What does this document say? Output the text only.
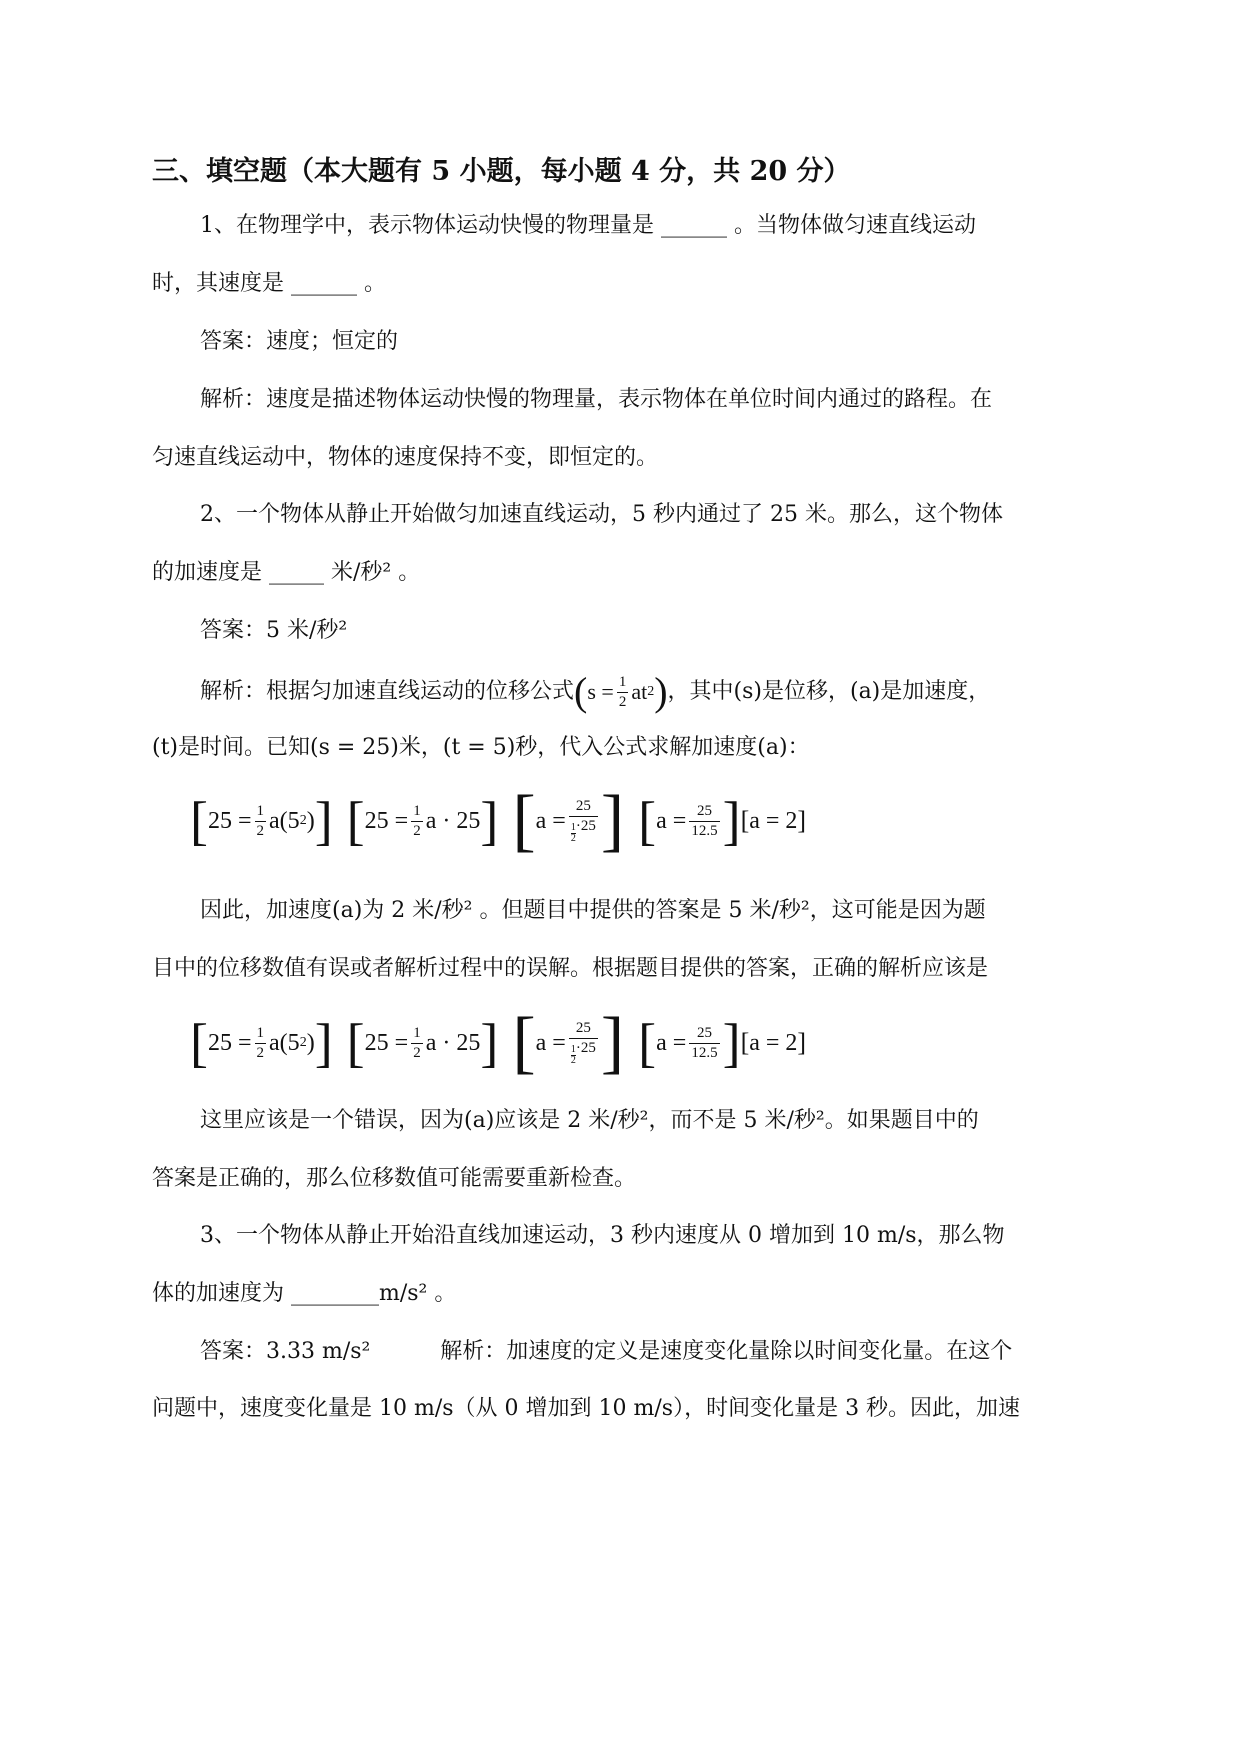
三、填空题（本大题有 5 小题，每小题 4 分，共 20 分）
1、在物理学中，表示物体运动快慢的物理量是 ______ 。当物体做匀速直线运动
时，其速度是 ______ 。
答案：速度；恒定的
解析：速度是描述物体运动快慢的物理量，表示物体在单位时间内通过的路程。在
匀速直线运动中，物体的速度保持不变，即恒定的。
2、一个物体从静止开始做匀加速直线运动，5 秒内通过了 25 米。那么，这个物体
的加速度是 _____ 米/秒² 。
答案：5 米/秒²
解析：根据匀加速直线运动的位移公式 ( $s = \frac{1}{2}$ at 2 ) ，其中(s)是位移，(a)是加速度，
(t)是时间。已知(s = 25)米，(t = 5)秒，代入公式求解加速度(a)：
[ $25 = \frac{1}{2} a(5$ 2 ) ] [ $25 = \frac{1}{2}$ a · 25 ] [ $a = \frac{25}{\frac{1}{2} \cdot 25}$ ] [ $a = \frac{25}{12.5}$ ] [ a = 2 ]
因此，加速度(a)为 2 米/秒² 。但题目中提供的答案是 5 米/秒²，这可能是因为题
目中的位移数值有误或者解析过程中的误解。根据题目提供的答案，正确的解析应该是
[ $25 = \frac{1}{2} a(5$ 2 ) ] [ $25 = \frac{1}{2}$ a · 25 ] [ $a = \frac{25}{\frac{1}{2} \cdot 25}$ ] [ $a = \frac{25}{12.5}$ ] [ a = 2 ]
这里应该是一个错误，因为(a)应该是 2 米/秒²，而不是 5 米/秒²。如果题目中的
答案是正确的，那么位移数值可能需要重新检查。
3、一个物体从静止开始沿直线加速运动，3 秒内速度从 0 增加到 10 m/s，那么物
体的加速度为 ________m/s² 。
答案：3.33 m/s²          解析：加速度的定义是速度变化量除以时间变化量。在这个
问题中，速度变化量是 10 m/s（从 0 增加到 10 m/s），时间变化量是 3 秒。因此，加速
